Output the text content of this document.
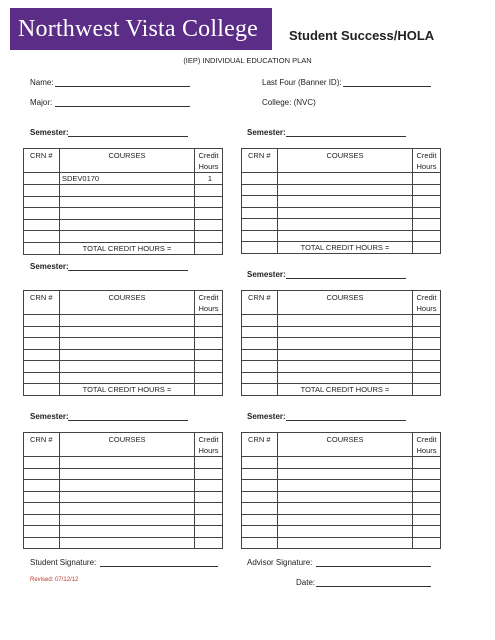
Northwest Vista College Student Success/HOLA
(IEP) INDIVIDUAL EDUCATION PLAN
Name:	Last Four (Banner ID):
Major:	College: (NVC)
Semester:	Semester:
Semester:
Semester:
Semester:	Semester:
CRN #	COURSES	Credit
Hours
	SDEV0170	1

	TOTAL CREDIT HOURS =	
CRN #	COURSES	Credit
Hours

	TOTAL CREDIT HOURS =	
CRN #	COURSES	Credit
Hours

	TOTAL CREDIT HOURS =	
CRN #	COURSES	Credit
Hours

	TOTAL CREDIT HOURS =	
CRN #	COURSES	Credit
Hours

CRN #	COURSES	Credit
Hours

Student Signature:	Advisor Signature:
Date:
Revised: 07/12/12
